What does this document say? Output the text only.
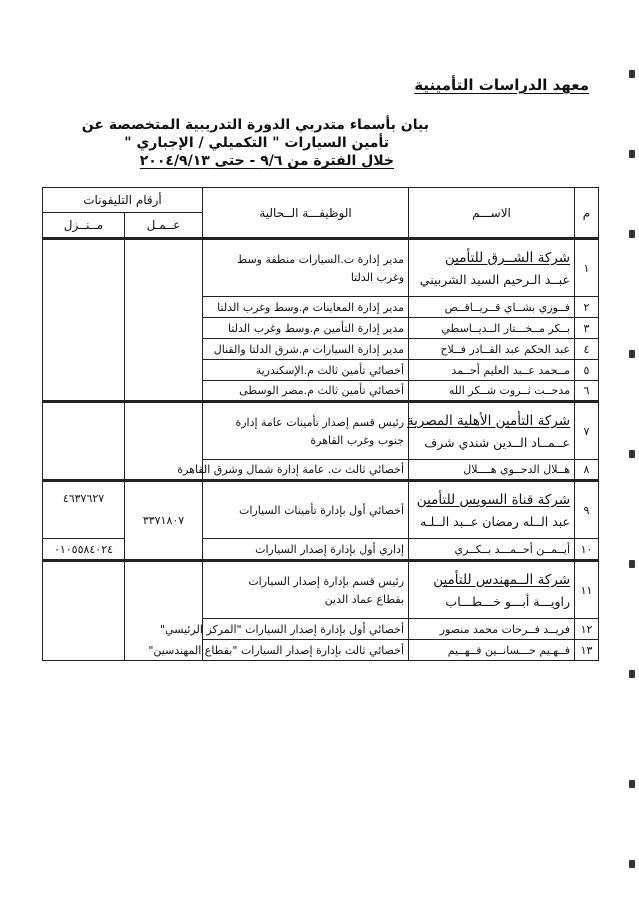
معهد الدراسات التأمينية
بيان بأسماء متدربي الدورة التدريبية المتخصصة عن
تأمين السيارات " التكميلي / الإجباري "
خلال الفترة من ٩/٦ - حتى ٢٠٠٤/٩/١٣
م	الاســـم	الوظيفـــة الــحالية	أرقام التليفونات	
			عــمـل	مــنــزل
١	شركة الشــرق للتأمين
عبــد الـرحيم السيد الشربيني	مدير إدارة ت.السيارات منطقة وسط
وغرب الدلتا		

٢	فــوزي بشــاي قــريــاقــص	مدير إدارة المعاينات م.وسط وغرب الدلتا		
٣	بــكر مــخـــتار الــديــاسطي	مدير إدارة التأمين م.وسط وغرب الدلتا		
٤	عبد الحكم عبد القــادر فــلاح	مدير إدارة السيارات م.شرق الدلتا والقنال		
٥	مــحمد عــبد العليم أحــمد	أخصائي تأمين ثالث م.الإسكندرية		
٦	مدحــت ثــروت شــكر الله	أخصائي تأمين ثالث م.مصر الوسطى		
٧	شركة التأمين الأهلية المصرية
عــمــاد الــدين شندي شرف	رئيس قسم إصدار تأمينات عامة إدارة
جنوب وغرب القاهرة		

٨	هــلال الدجــوي هــــلال	أخصائي ثالث ت. عامة إدارة شمال وشرق القاهرة		
٩	شركة قناة السويس للتأمين
عبد الــله رمضان عــبد الــلـه	أخصائي أول بإدارة تأمينات السيارات	٣٣٧١٨٠٧	٤٦٣٧٦٢٧
١٠	أيــمــن أحــمـــد بــكــري	إداري أول بإدارة إصدار السيارات		٠١٠٥٥٨٤٠٢٤
١١	شركة الــمهندس للتأمين
راويـــة أبـــو خـــطـــاب	رئيس قسم بإدارة إصدار السيارات
بقطاع عماد الدين		

١٢	فريــد فــرحات محمد منصور	أخصائي أول بإدارة إصدار السيارات "المركز الرئيسي"		
١٣	فــهـيم حـــسانــين فــهــيم	أخصائي ثالث بإدارة إصدار السيارات "بقطاع المهندسين"		
